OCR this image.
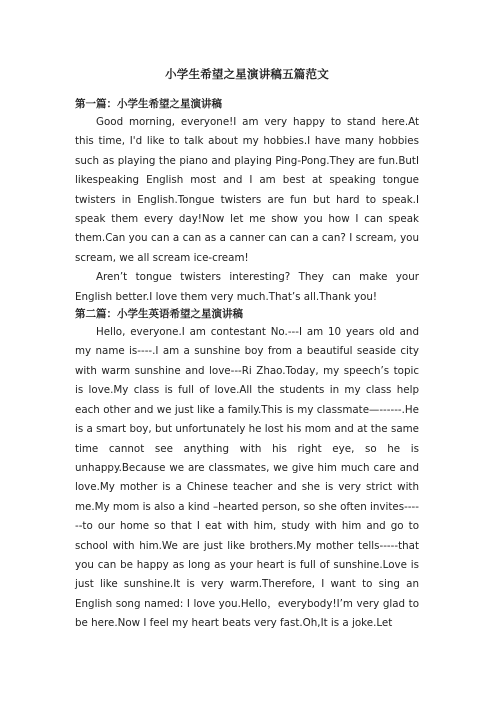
小学生希望之星演讲稿五篇范文
第一篇：小学生希望之星演讲稿

Good morning, everyone!I am very happy to stand here.At this time, I'd like to talk about my hobbies.I have many hobbies such as playing the piano and playing Ping-Pong.They are fun.ButI likespeaking English most and I am best at speaking tongue twisters in English.Tongue twisters are fun but hard to speak.I speak them every day!Now let me show you how I can speak them.Can you can a can as a canner can can a can? I scream, you scream, we all scream ice-cream!

Aren’t tongue twisters interesting? They can make your English better.I love them very much.That’s all.Thank you!

第二篇：小学生英语希望之星演讲稿

Hello, everyone.I am contestant No.---I am 10 years old and my name is----.I am a sunshine boy from a beautiful seaside city with warm sunshine and love---Ri Zhao.Today, my speech’s topic is love.My class is full of love.All the students in my class help each other and we just like a family.This is my classmate—------.He is a smart boy, but unfortunately he lost his mom and at the same time cannot see anything with his right eye, so he is unhappy.Because we are classmates, we give him much care and love.My mother is a Chinese teacher and she is very strict with me.My mom is also a kind –hearted person, so she often invites------to our home so that I eat with him, study with him and go to school with him.We are just like brothers.My mother tells-----that you can be happy as long as your heart is full of sunshine.Love is just like sunshine.It is very warm.Therefore, I want to sing an English song named: I love you.Hello，everybody!I’m very glad to be here.Now I feel my heart beats very fast.Oh,It is a joke.Let
